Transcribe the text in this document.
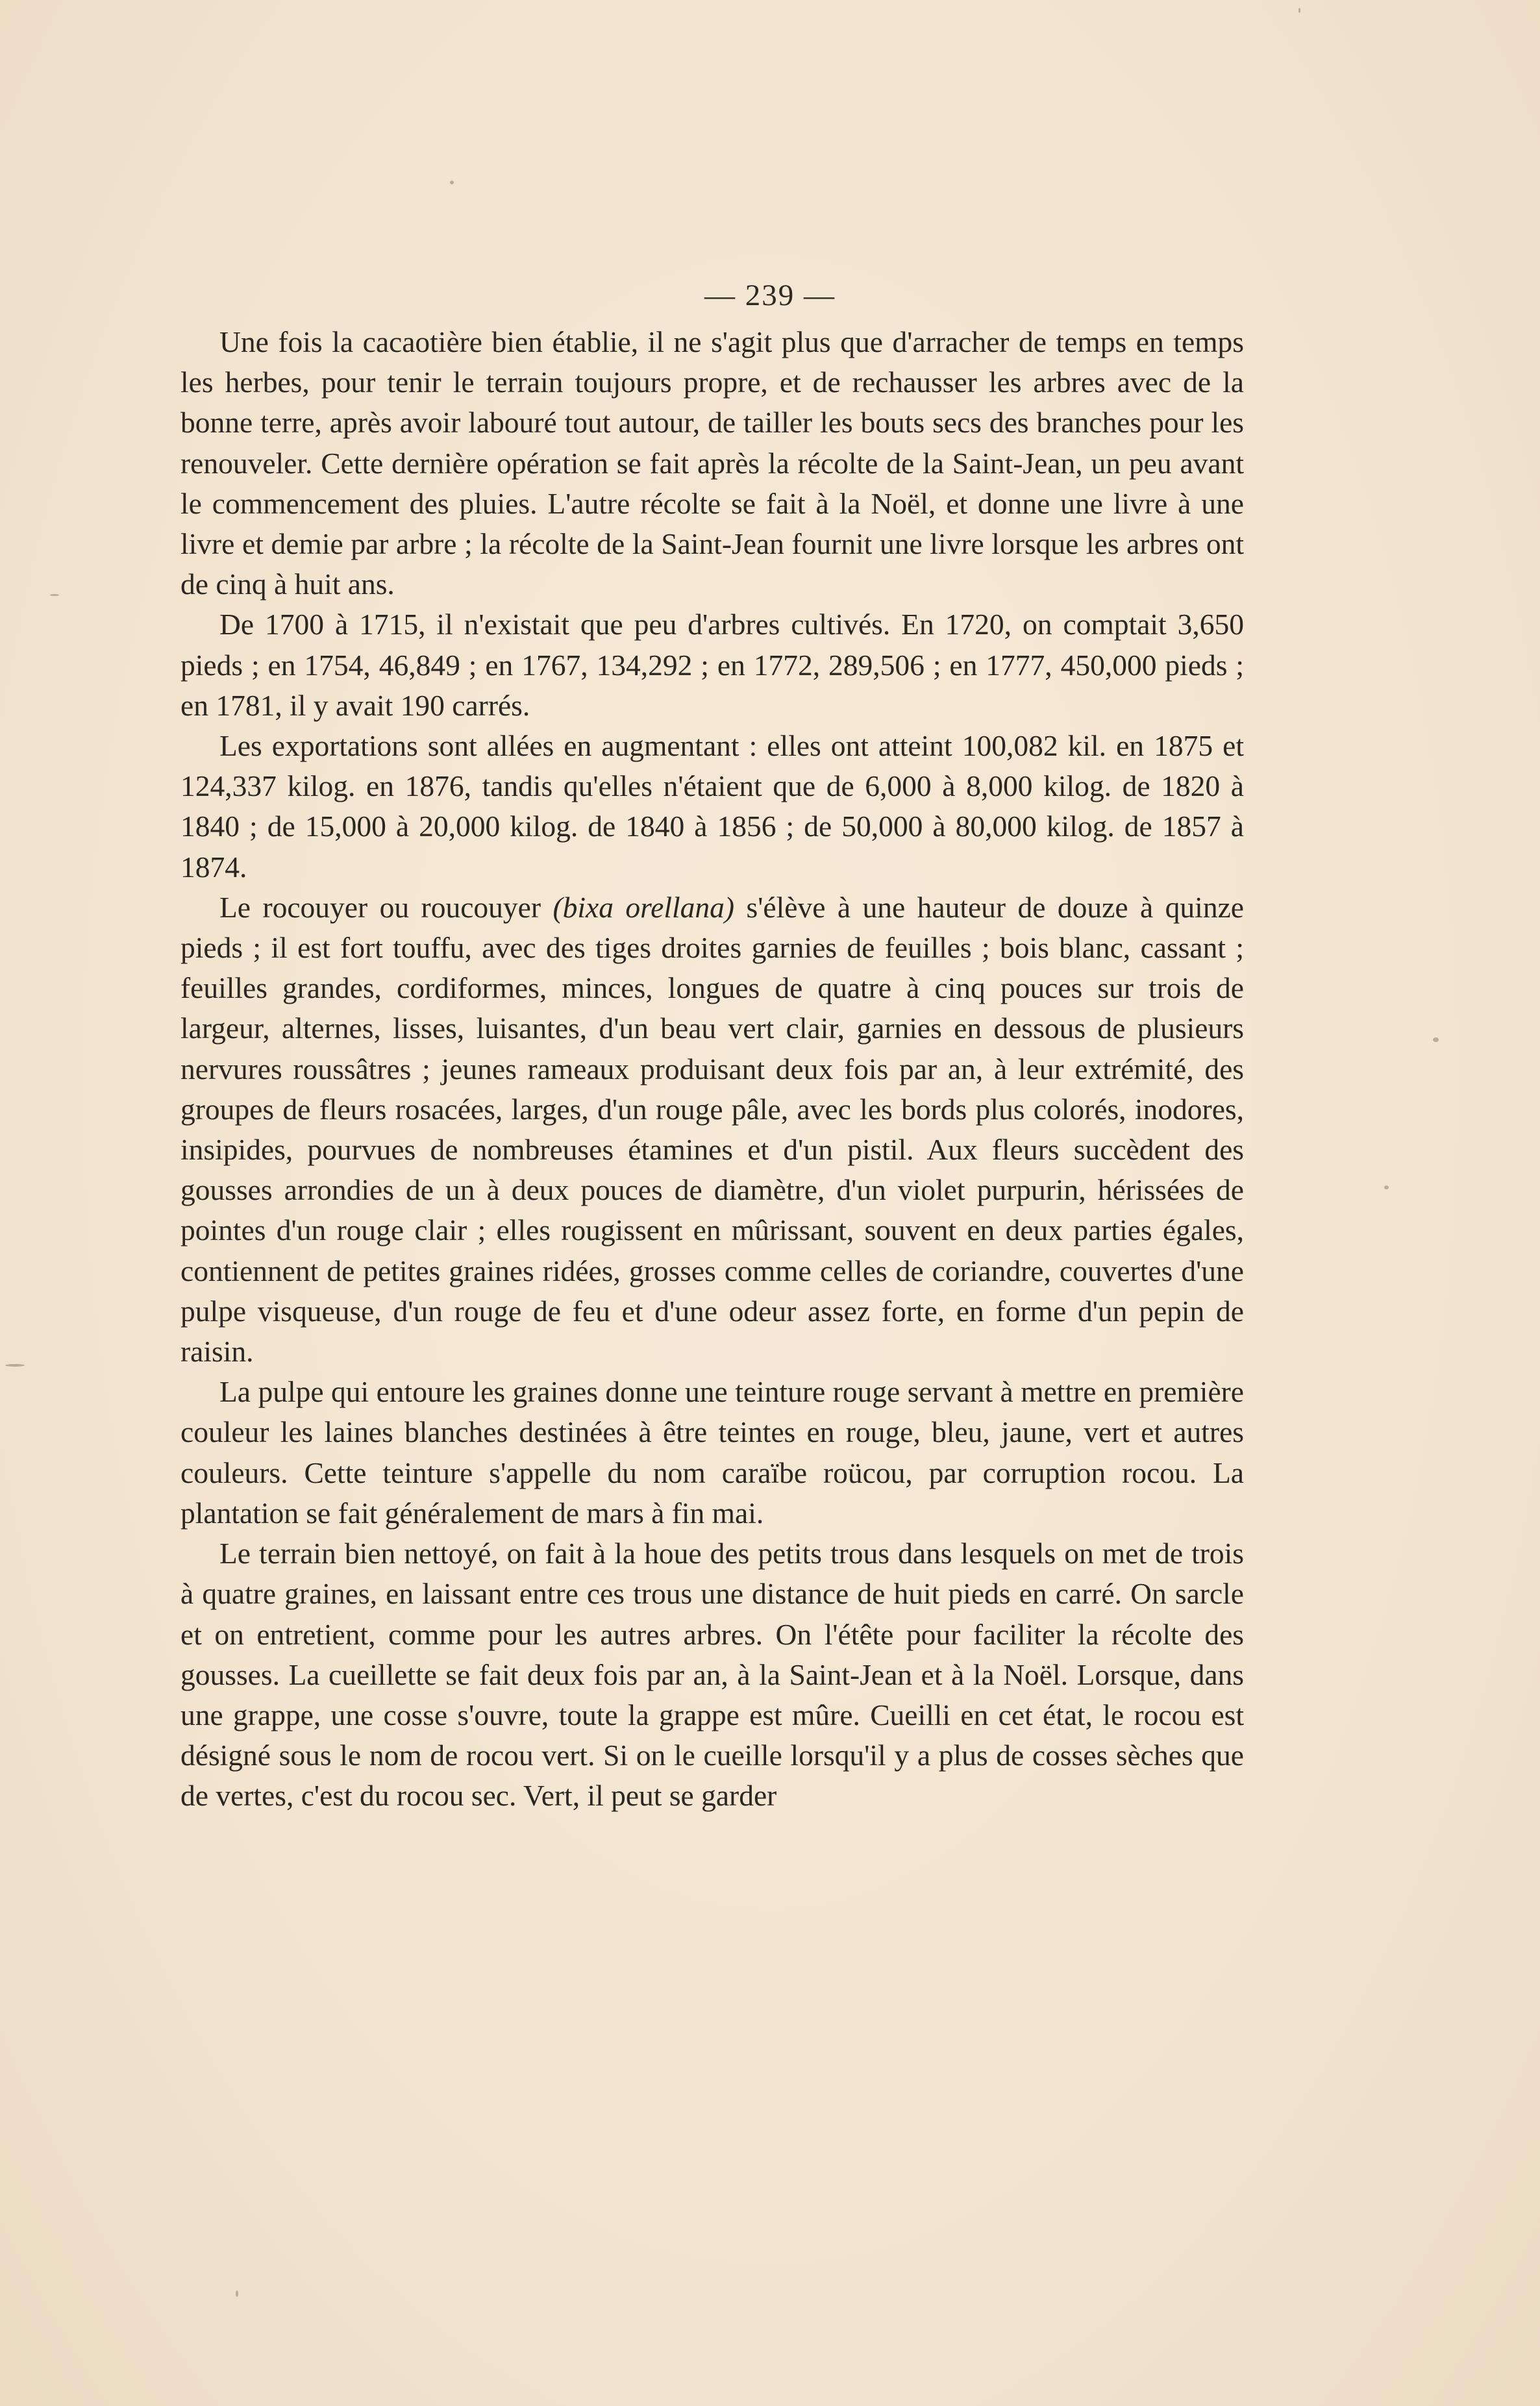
— 239 —

Une fois la cacaotière bien établie, il ne s'agit plus que d'arracher de temps en temps les herbes, pour tenir le terrain toujours propre, et de rechausser les arbres avec de la bonne terre, après avoir labouré tout autour, de tailler les bouts secs des branches pour les renouveler. Cette dernière opération se fait après la récolte de la Saint-Jean, un peu avant le commencement des pluies. L'autre récolte se fait à la Noël, et donne une livre à une livre et demie par arbre ; la récolte de la Saint-Jean fournit une livre lorsque les arbres ont de cinq à huit ans.

De 1700 à 1715, il n'existait que peu d'arbres cultivés. En 1720, on comptait 3,650 pieds ; en 1754, 46,849 ; en 1767, 134,292 ; en 1772, 289,506 ; en 1777, 450,000 pieds ; en 1781, il y avait 190 carrés.

Les exportations sont allées en augmentant : elles ont atteint 100,082 kil. en 1875 et 124,337 kilog. en 1876, tandis qu'elles n'étaient que de 6,000 à 8,000 kilog. de 1820 à 1840 ; de 15,000 à 20,000 kilog. de 1840 à 1856 ; de 50,000 à 80,000 kilog. de 1857 à 1874.

Le rocouyer ou roucouyer (bixa orellana) s'élève à une hauteur de douze à quinze pieds ; il est fort touffu, avec des tiges droites garnies de feuilles ; bois blanc, cassant ; feuilles grandes, cordiformes, minces, longues de quatre à cinq pouces sur trois de largeur, alternes, lisses, luisantes, d'un beau vert clair, garnies en dessous de plusieurs nervures roussâtres ; jeunes rameaux produisant deux fois par an, à leur extrémité, des groupes de fleurs rosacées, larges, d'un rouge pâle, avec les bords plus colorés, inodores, insipides, pourvues de nombreuses étamines et d'un pistil. Aux fleurs succèdent des gousses arrondies de un à deux pouces de diamètre, d'un violet purpurin, hérissées de pointes d'un rouge clair ; elles rougissent en mûrissant, souvent en deux parties égales, contiennent de petites graines ridées, grosses comme celles de coriandre, couvertes d'une pulpe visqueuse, d'un rouge de feu et d'une odeur assez forte, en forme d'un pepin de raisin.

La pulpe qui entoure les graines donne une teinture rouge servant à mettre en première couleur les laines blanches destinées à être teintes en rouge, bleu, jaune, vert et autres couleurs. Cette teinture s'appelle du nom caraïbe roücou, par corruption rocou. La plantation se fait généralement de mars à fin mai.

Le terrain bien nettoyé, on fait à la houe des petits trous dans lesquels on met de trois à quatre graines, en laissant entre ces trous une distance de huit pieds en carré. On sarcle et on entretient, comme pour les autres arbres. On l'étête pour faciliter la récolte des gousses. La cueillette se fait deux fois par an, à la Saint-Jean et à la Noël. Lorsque, dans une grappe, une cosse s'ouvre, toute la grappe est mûre. Cueilli en cet état, le rocou est désigné sous le nom de rocou vert. Si on le cueille lorsqu'il y a plus de cosses sèches que de vertes, c'est du rocou sec. Vert, il peut se garder
